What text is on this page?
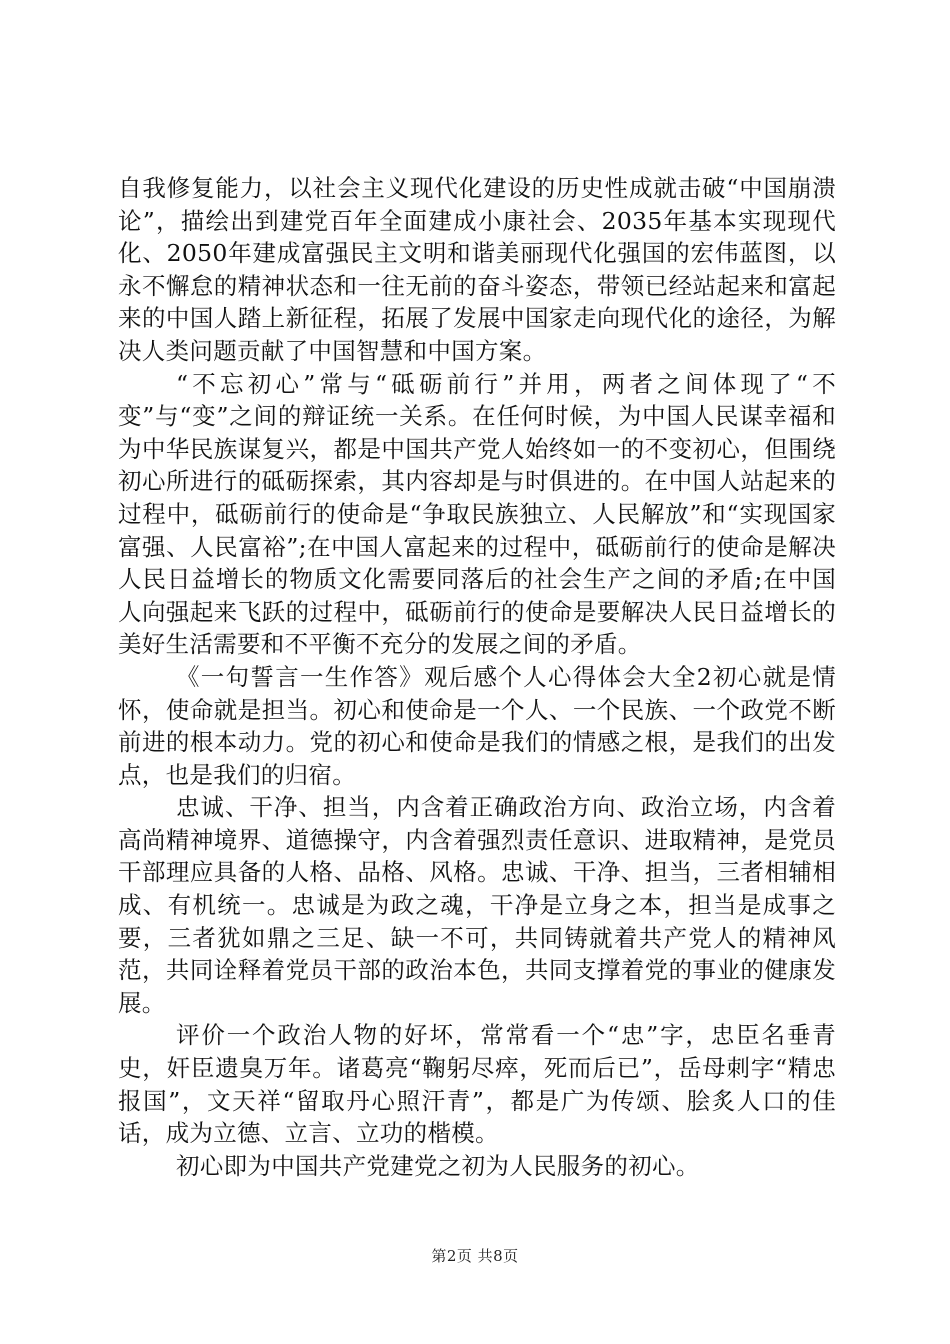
自我修复能力，以社会主义现代化建设的历史性成就击破“中国崩溃论”，描绘出到建党百年全面建成小康社会、2035年基本实现现代化、2050年建成富强民主文明和谐美丽现代化强国的宏伟蓝图，以永不懈怠的精神状态和一往无前的奋斗姿态，带领已经站起来和富起来的中国人踏上新征程，拓展了发展中国家走向现代化的途径，为解决人类问题贡献了中国智慧和中国方案。

“不忘初心”常与“砥砺前行”并用，两者之间体现了“不变”与“变”之间的辩证统一关系。在任何时候，为中国人民谋幸福和为中华民族谋复兴，都是中国共产党人始终如一的不变初心，但围绕初心所进行的砥砺探索，其内容却是与时俱进的。在中国人站起来的过程中，砥砺前行的使命是“争取民族独立、人民解放”和“实现国家富强、人民富裕”;在中国人富起来的过程中，砥砺前行的使命是解决人民日益增长的物质文化需要同落后的社会生产之间的矛盾;在中国人向强起来飞跃的过程中，砥砺前行的使命是要解决人民日益增长的美好生活需要和不平衡不充分的发展之间的矛盾。

《一句誓言一生作答》观后感个人心得体会大全2初心就是情怀，使命就是担当。初心和使命是一个人、一个民族、一个政党不断前进的根本动力。党的初心和使命是我们的情感之根，是我们的出发点，也是我们的归宿。

忠诚、干净、担当，内含着正确政治方向、政治立场，内含着高尚精神境界、道德操守，内含着强烈责任意识、进取精神，是党员干部理应具备的人格、品格、风格。忠诚、干净、担当，三者相辅相成、有机统一。忠诚是为政之魂，干净是立身之本，担当是成事之要，三者犹如鼎之三足、缺一不可，共同铸就着共产党人的精神风范，共同诠释着党员干部的政治本色，共同支撑着党的事业的健康发展。

评价一个政治人物的好坏，常常看一个“忠”字，忠臣名垂青史，奸臣遗臭万年。诸葛亮“鞠躬尽瘁，死而后已”，岳母刺字“精忠报国”，文天祥“留取丹心照汗青”，都是广为传颂、脍炙人口的佳话，成为立德、立言、立功的楷模。

初心即为中国共产党建党之初为人民服务的初心。

第2页 共8页
